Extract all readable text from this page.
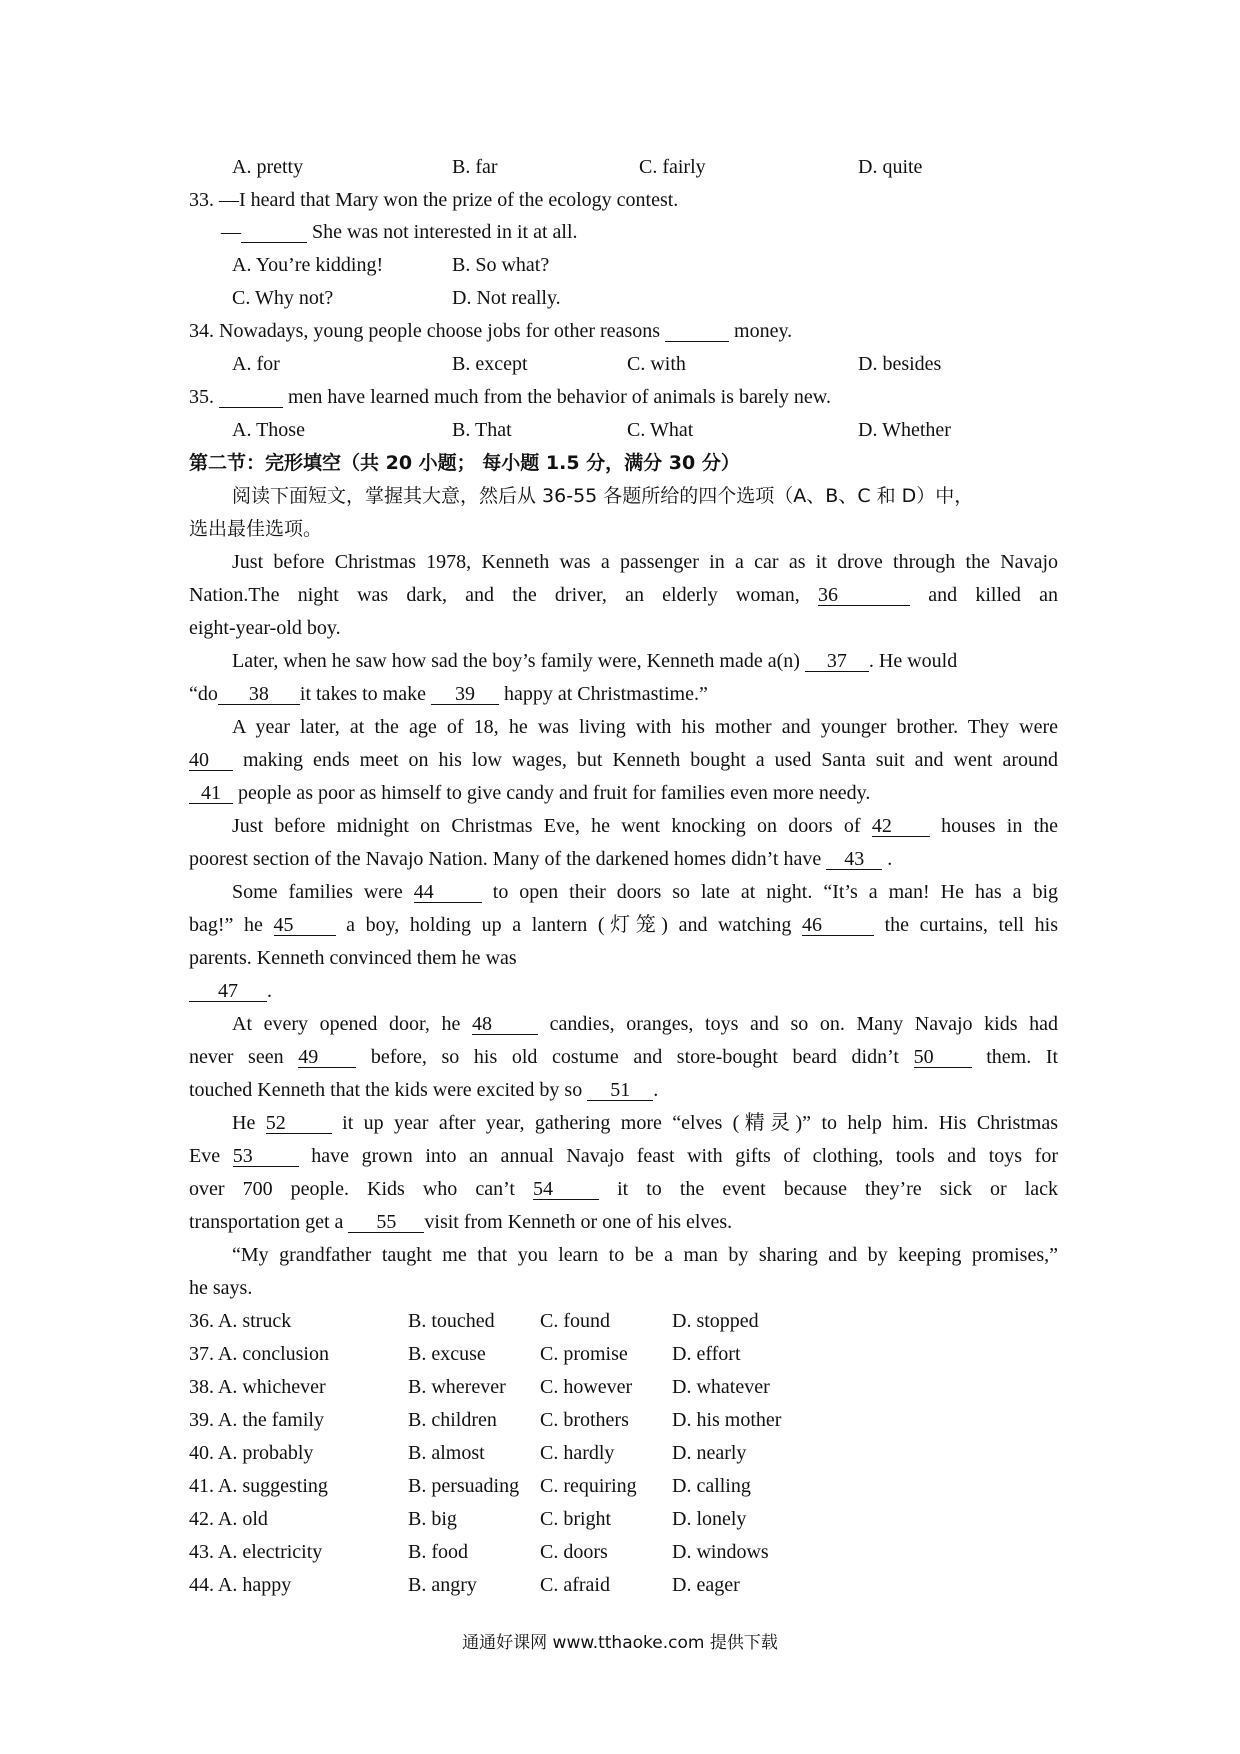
A. pretty	B. far	C. fairly	D. quite
33. —I heard that Mary won the prize of the ecology contest.
—	She was not interested in it at all.
A. You’re kidding!	B. So what?
C. Why not?	D. Not really.
34. Nowadays, young people choose jobs for other reasons	money.
A. for	B. except	C. with	D. besides
35.	men have learned much from the behavior of animals is barely new.
A. Those	B. That	C. What	D. Whether
第二节：完形填空（共 20 小题； 每小题 1.5 分，满分 30 分）
阅读下面短文，掌握其大意，然后从 36-55 各题所给的四个选项（A、B、C 和 D）中，
选出最佳选项。
Just before Christmas 1978, Kenneth was a passenger in a car as it drove through the Navajo
Nation.The night was dark, and the driver, an elderly woman, 36	and killed an
eight-year-old boy.
Later, when he saw how sad the boy’s family were, Kenneth made a(n) 37 . He would
“do 38 it takes to make 39 happy at Christmastime.”
A year later, at the age of 18, he was living with his mother and younger brother. They were
40 making ends meet on his low wages, but Kenneth bought a used Santa suit and went around
41 people as poor as himself to give candy and fruit for families even more needy.
Just before midnight on Christmas Eve, he went knocking on doors of 42 houses in the
poorest section of the Navajo Nation. Many of the darkened homes didn’t have 43 .
Some families were 44	to open their doors so late at night. “It’s a man! He has a big
bag!” he 45	a boy, holding up a lantern (灯笼) and watching 46	the curtains, tell his
parents. Kenneth convinced them he was
47 .
At every opened door, he 48	candies, oranges, toys and so on. Many Navajo kids had
never seen 49	before, so his old costume and store-bought beard didn’t 50	them. It
touched Kenneth that the kids were excited by so 51 .
He 52	it up year after year, gathering more “elves (精灵)” to help him. His Christmas
Eve 53	have grown into an annual Navajo feast with gifts of clothing, tools and toys for
over 700 people. Kids who can’t 54	it to the event because they’re sick or lack
transportation get a 55 visit from Kenneth or one of his elves.
“My grandfather taught me that you learn to be a man by sharing and by keeping promises,”
he says.
36. A. struck	B. touched C. found	D. stopped
37. A. conclusion	B. excuse	C. promise D. effort
38. A. whichever	B. wherever C. however D. whatever
39. A. the family	B. children C. brothers D. his mother
40. A. probably	B. almost	C. hardly	D. nearly
41. A. suggesting	B. persuading C. requiring D. calling
42. A. old	B. big	C. bright	D. lonely
43. A. electricity	B. food	C. doors	D. windows
44. A. happy	B. angry	C. afraid	D. eager
通通好课网 www.tthaoke.com 提供下载
